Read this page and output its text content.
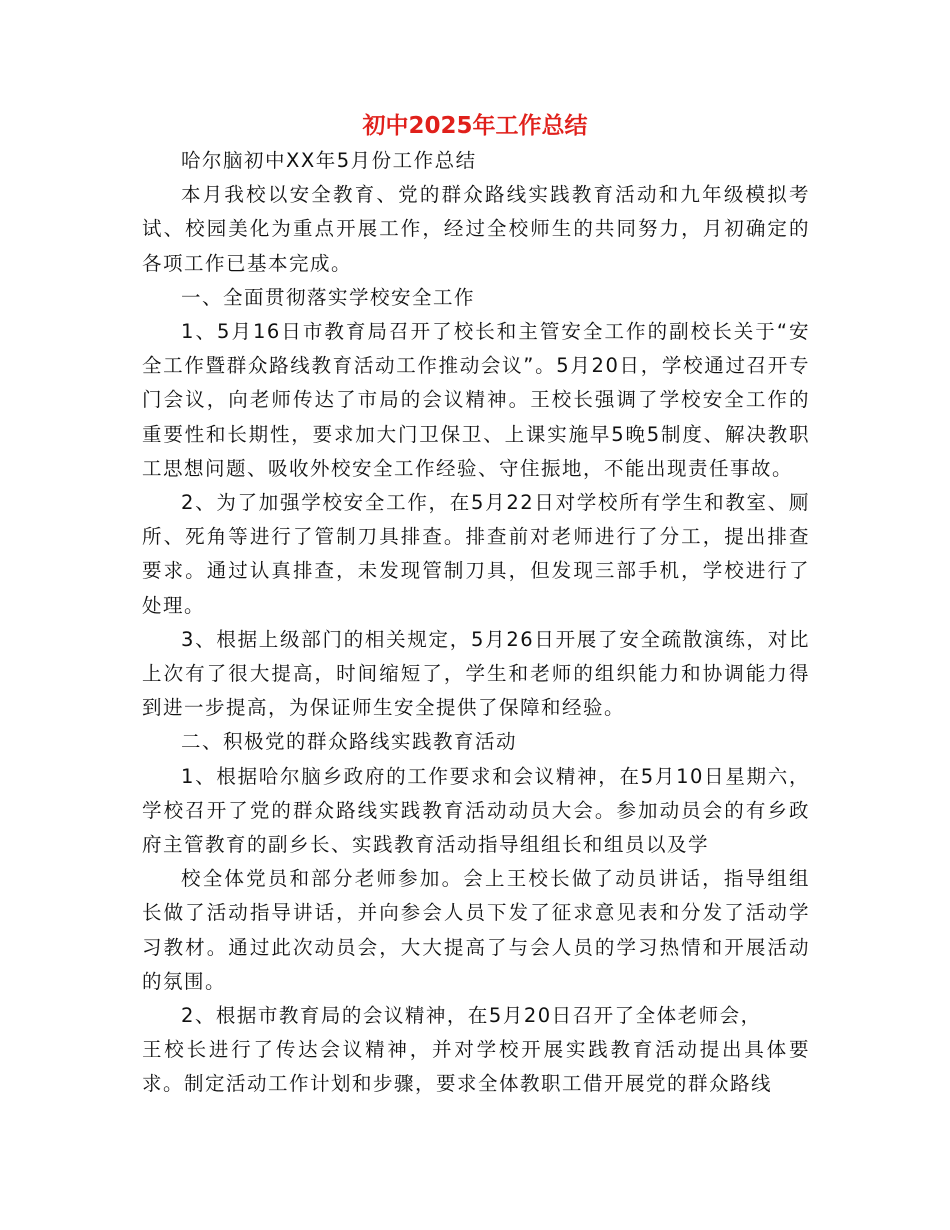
初中2025年工作总结

哈尔脑初中XX年5月份工作总结

本月我校以安全教育、党的群众路线实践教育活动和九年级模拟考试、校园美化为重点开展工作，经过全校师生的共同努力，月初确定的各项工作已基本完成。

一、全面贯彻落实学校安全工作

1、5月16日市教育局召开了校长和主管安全工作的副校长关于“安全工作暨群众路线教育活动工作推动会议”。5月20日，学校通过召开专门会议，向老师传达了市局的会议精神。王校长强调了学校安全工作的重要性和长期性，要求加大门卫保卫、上课实施早5晚5制度、解决教职工思想问题、吸收外校安全工作经验、守住振地，不能出现责任事故。

2、为了加强学校安全工作，在5月22日对学校所有学生和教室、厕所、死角等进行了管制刀具排查。排查前对老师进行了分工，提出排查要求。通过认真排查，未发现管制刀具，但发现三部手机，学校进行了处理。

3、根据上级部门的相关规定，5月26日开展了安全疏散演练，对比上次有了很大提高，时间缩短了，学生和老师的组织能力和协调能力得到进一步提高，为保证师生安全提供了保障和经验。

二、积极党的群众路线实践教育活动

1、根据哈尔脑乡政府的工作要求和会议精神，在5月10日星期六，学校召开了党的群众路线实践教育活动动员大会。参加动员会的有乡政府主管教育的副乡长、实践教育活动指导组组长和组员以及学

校全体党员和部分老师参加。会上王校长做了动员讲话，指导组组长做了活动指导讲话，并向参会人员下发了征求意见表和分发了活动学习教材。通过此次动员会，大大提高了与会人员的学习热情和开展活动的氛围。

2、根据市教育局的会议精神，在5月20日召开了全体老师会，

王校长进行了传达会议精神，并对学校开展实践教育活动提出具体要求。制定活动工作计划和步骤，要求全体教职工借开展党的群众路线
